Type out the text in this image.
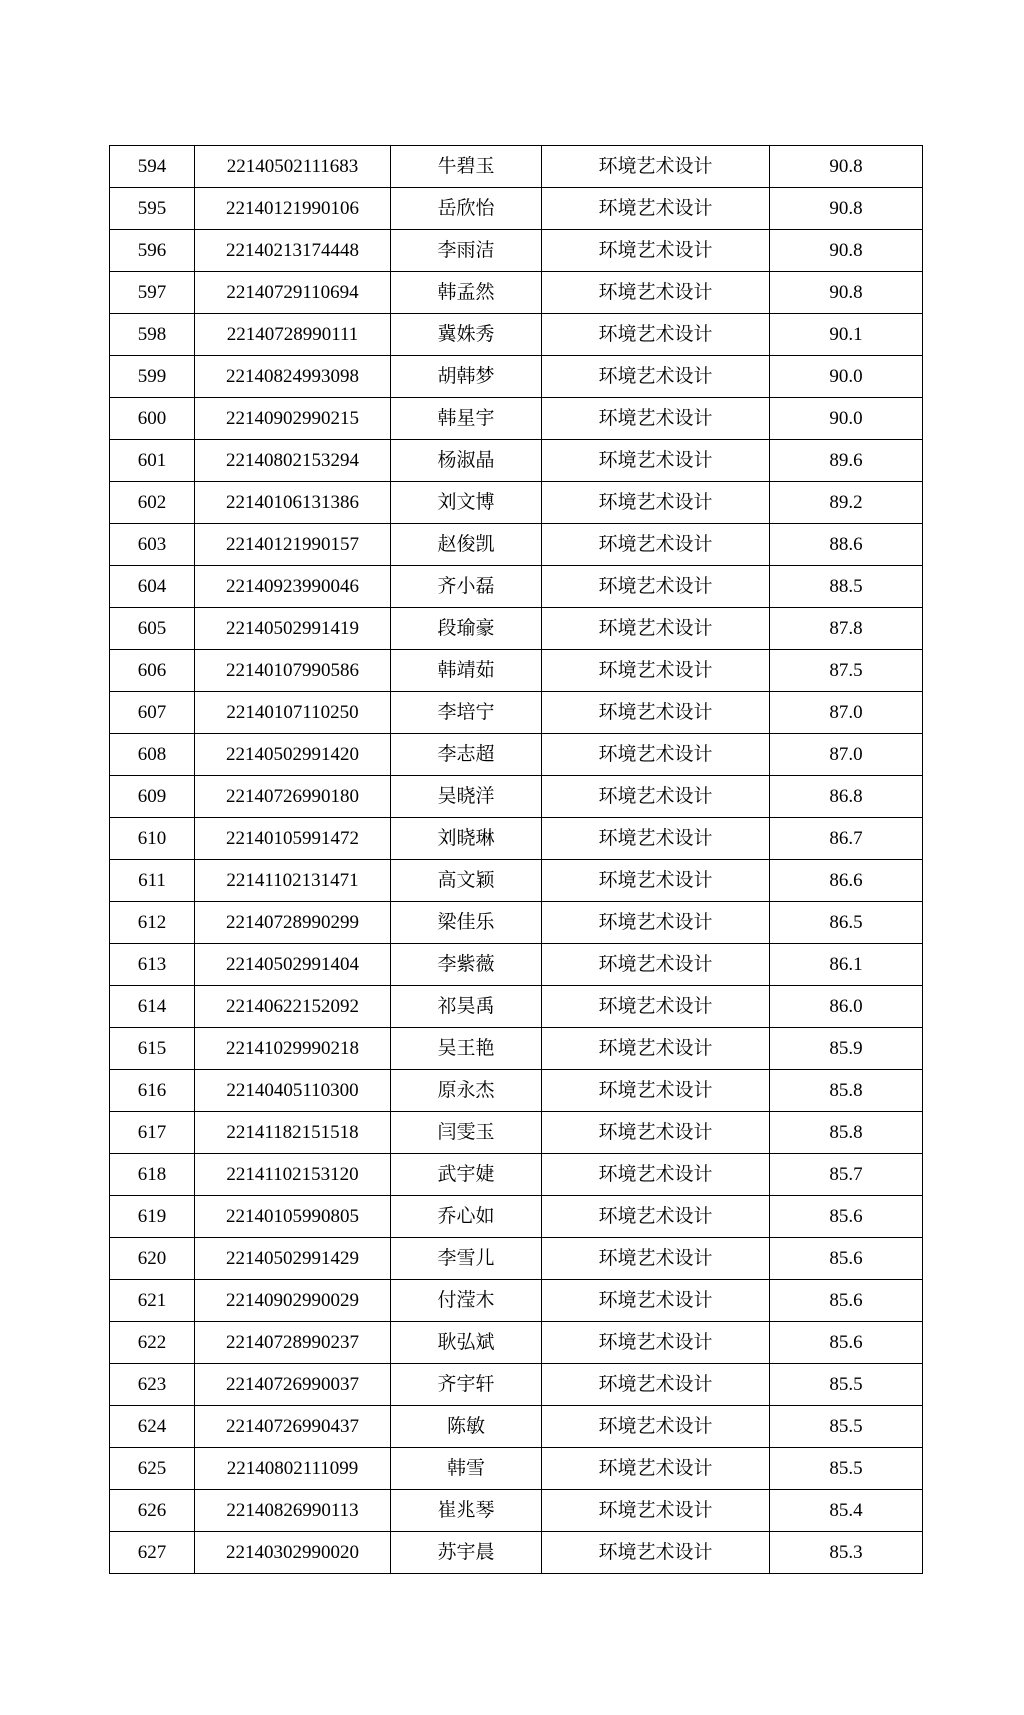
594	22140502111683	牛碧玉	环境艺术设计	90.8
595	22140121990106	岳欣怡	环境艺术设计	90.8
596	22140213174448	李雨洁	环境艺术设计	90.8
597	22140729110694	韩孟然	环境艺术设计	90.8
598	22140728990111	冀姝秀	环境艺术设计	90.1
599	22140824993098	胡韩梦	环境艺术设计	90.0
600	22140902990215	韩星宇	环境艺术设计	90.0
601	22140802153294	杨淑晶	环境艺术设计	89.6
602	22140106131386	刘文博	环境艺术设计	89.2
603	22140121990157	赵俊凯	环境艺术设计	88.6
604	22140923990046	齐小磊	环境艺术设计	88.5
605	22140502991419	段瑜豪	环境艺术设计	87.8
606	22140107990586	韩靖茹	环境艺术设计	87.5
607	22140107110250	李培宁	环境艺术设计	87.0
608	22140502991420	李志超	环境艺术设计	87.0
609	22140726990180	吴晓洋	环境艺术设计	86.8
610	22140105991472	刘晓琳	环境艺术设计	86.7
611	22141102131471	高文颖	环境艺术设计	86.6
612	22140728990299	梁佳乐	环境艺术设计	86.5
613	22140502991404	李紫薇	环境艺术设计	86.1
614	22140622152092	祁昊禹	环境艺术设计	86.0
615	22141029990218	吴王艳	环境艺术设计	85.9
616	22140405110300	原永杰	环境艺术设计	85.8
617	22141182151518	闫雯玉	环境艺术设计	85.8
618	22141102153120	武宇婕	环境艺术设计	85.7
619	22140105990805	乔心如	环境艺术设计	85.6
620	22140502991429	李雪儿	环境艺术设计	85.6
621	22140902990029	付滢木	环境艺术设计	85.6
622	22140728990237	耿弘斌	环境艺术设计	85.6
623	22140726990037	齐宇轩	环境艺术设计	85.5
624	22140726990437	陈敏	环境艺术设计	85.5
625	22140802111099	韩雪	环境艺术设计	85.5
626	22140826990113	崔兆琴	环境艺术设计	85.4
627	22140302990020	苏宇晨	环境艺术设计	85.3
